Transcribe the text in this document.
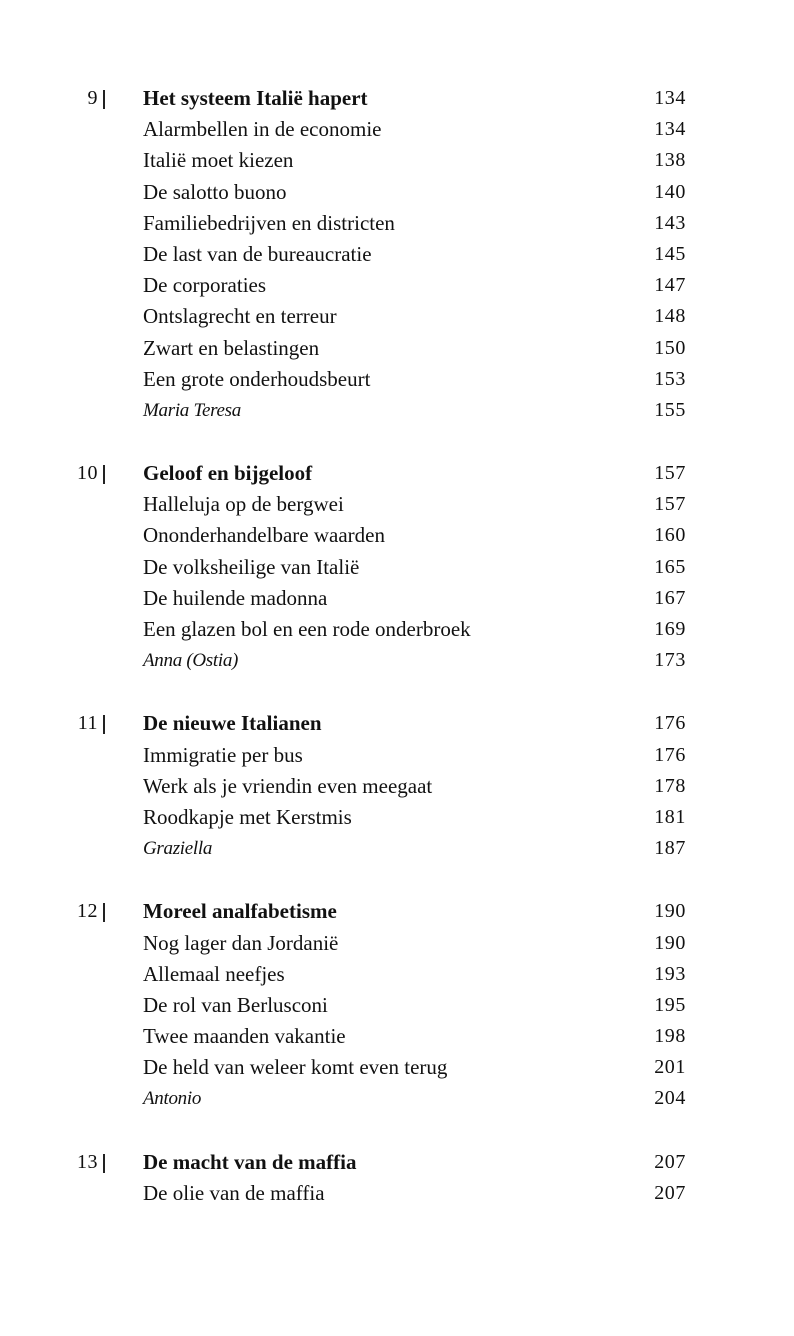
9 Het systeem Italië hapert	134
Alarmbellen in de economie	134
Italië moet kiezen	138
De salotto buono	140
Familiebedrijven en districten	143
De last van de bureaucratie	145
De corporaties	147
Ontslagrecht en terreur	148
Zwart en belastingen	150
Een grote onderhoudsbeurt	153
Maria Teresa	155
10 Geloof en bijgeloof	157
Halleluja op de bergwei	157
Ononderhandelbare waarden	160
De volksheilige van Italië	165
De huilende madonna	167
Een glazen bol en een rode onderbroek	169
Anna (Ostia)	173
11 De nieuwe Italianen	176
Immigratie per bus	176
Werk als je vriendin even meegaat	178
Roodkapje met Kerstmis	181
Graziella	187
12 Moreel analfabetisme	190
Nog lager dan Jordanië	190
Allemaal neefjes	193
De rol van Berlusconi	195
Twee maanden vakantie	198
De held van weleer komt even terug	201
Antonio	204
13 De macht van de maffia	207
De olie van de maffia	207
